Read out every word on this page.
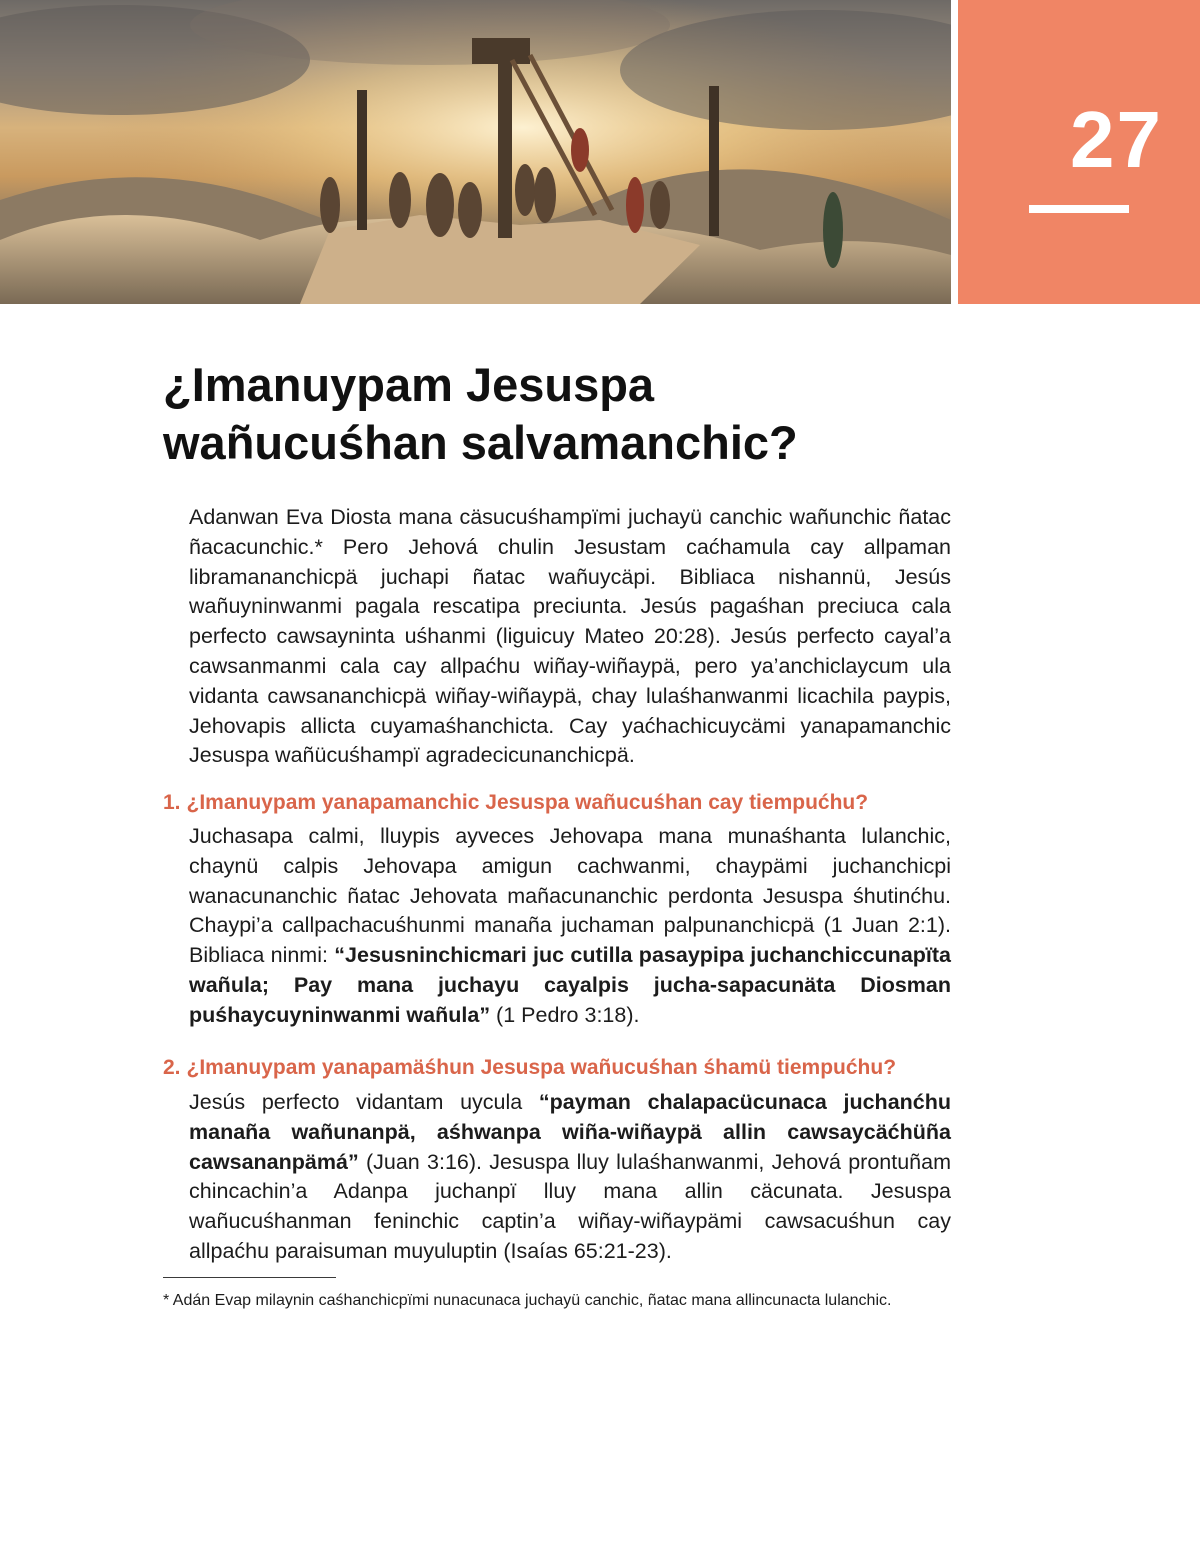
27
¿Imanuypam Jesuspa
wañucuśhan salvamanchic?

Adanwan Eva Diosta mana cäsucuśhampïmi juchayü canchic wañunchic ñatac ñacacunchic.* Pero Jehová chulin Jesustam caćhamula cay allpaman libramananchicpä juchapi ñatac wañuycäpi. Bibliaca nishannü, Jesús wañuyninwanmi pagala rescatipa preciunta. Jesús pagaśhan preciuca cala perfecto cawsayninta uśhanmi (liguicuy Mateo 20:28). Jesús perfecto cayal’a cawsanmanmi cala cay allpaćhu wiñay-wiñaypä, pero ya’anchiclaycum ula vidanta cawsananchicpä wiñay-wiñaypä, chay lulaśhanwanmi licachila paypis, Jehovapis allicta cuyamaśhanchicta. Cay yaćhachicuycämi yanapamanchic Jesuspa wañücuśhampï agradecicunanchicpä.

1. ¿Imanuypam yanapamanchic Jesuspa wañucuśhan cay tiempućhu?

Juchasapa calmi, lluypis ayveces Jehovapa mana munaśhanta lulanchic, chaynü calpis Jehovapa amigun cachwanmi, chaypämi juchanchicpi wanacunanchic ñatac Jehovata mañacunanchic perdonta Jesuspa śhutinćhu. Chaypi’a callpachacuśhunmi manaña juchaman palpunanchicpä (1 Juan 2:1). Bibliaca ninmi: “Jesusninchicmari juc cutilla pasaypipa juchanchiccunapïta wañula; Pay mana juchayu cayalpis jucha-sapacunäta Diosman puśhaycuyninwanmi wañula” (1 Pedro 3:18).

2. ¿Imanuypam yanapamäśhun Jesuspa wañucuśhan śhamü tiempućhu?

Jesús perfecto vidantam uycula “payman chalapacücunaca juchanćhu manaña wañunanpä, aśhwanpa wiña-wiñaypä allin cawsaycäćhüña cawsananpämá” (Juan 3:16). Jesuspa lluy lulaśhanwanmi, Jehová prontuñam chincachin’a Adanpa juchanpï lluy mana allin cäcunata. Jesuspa wañucuśhanman feninchic captin’a wiñay-wiñaypämi cawsacuśhun cay allpaćhu paraisuman muyuluptin (Isaías 65:21-23).

* Adán Evap milaynin caśhanchicpïmi nunacunaca juchayü canchic, ñatac mana allincunacta lulanchic.
